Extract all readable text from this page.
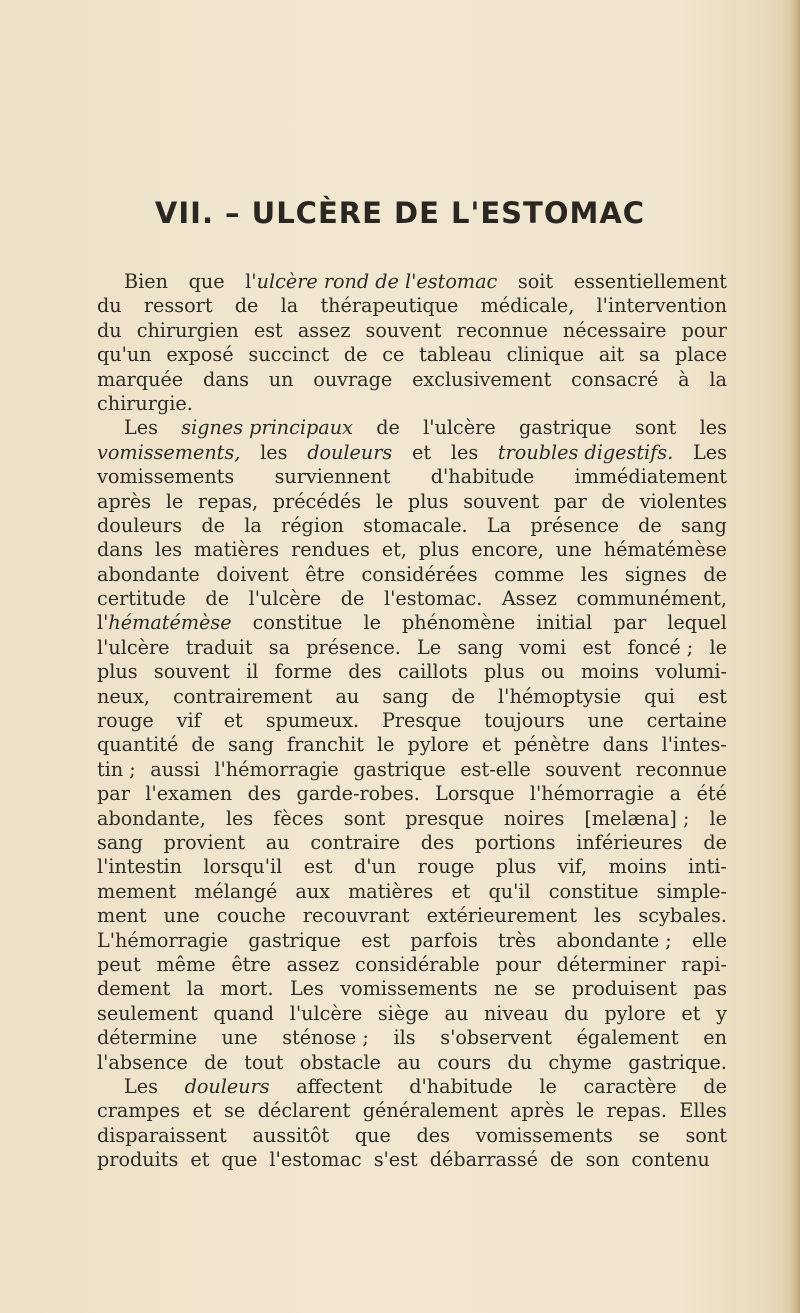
VII. – ULCÈRE DE L'ESTOMAC
Bien que l'ulcère rond de l'estomac soit essentiellement
du ressort de la thérapeutique médicale, l'intervention
du chirurgien est assez souvent reconnue nécessaire pour
qu'un exposé succinct de ce tableau clinique ait sa place
marquée dans un ouvrage exclusivement consacré à la
chirurgie.
Les signes principaux de l'ulcère gastrique sont les
vomissements, les douleurs et les troubles digestifs. Les
vomissements surviennent d'habitude immédiatement
après le repas, précédés le plus souvent par de violentes
douleurs de la région stomacale. La présence de sang
dans les matières rendues et, plus encore, une hématémèse
abondante doivent être considérées comme les signes de
certitude de l'ulcère de l'estomac. Assez communément,
l'hématémèse constitue le phénomène initial par lequel
l'ulcère traduit sa présence. Le sang vomi est foncé ; le
plus souvent il forme des caillots plus ou moins volumi-
neux, contrairement au sang de l'hémoptysie qui est
rouge vif et spumeux. Presque toujours une certaine
quantité de sang franchit le pylore et pénètre dans l'intes-
tin ; aussi l'hémorragie gastrique est-elle souvent reconnue
par l'examen des garde-robes. Lorsque l'hémorragie a été
abondante, les fèces sont presque noires [melæna] ; le
sang provient au contraire des portions inférieures de
l'intestin lorsqu'il est d'un rouge plus vif, moins inti-
mement mélangé aux matières et qu'il constitue simple-
ment une couche recouvrant extérieurement les scybales.
L'hémorragie gastrique est parfois très abondante ; elle
peut même être assez considérable pour déterminer rapi-
dement la mort. Les vomissements ne se produisent pas
seulement quand l'ulcère siège au niveau du pylore et y
détermine une sténose ; ils s'observent également en
l'absence de tout obstacle au cours du chyme gastrique.
Les douleurs affectent d'habitude le caractère de
crampes et se déclarent généralement après le repas. Elles
disparaissent aussitôt que des vomissements se sont
produits et que l'estomac s'est débarrassé de son contenu
